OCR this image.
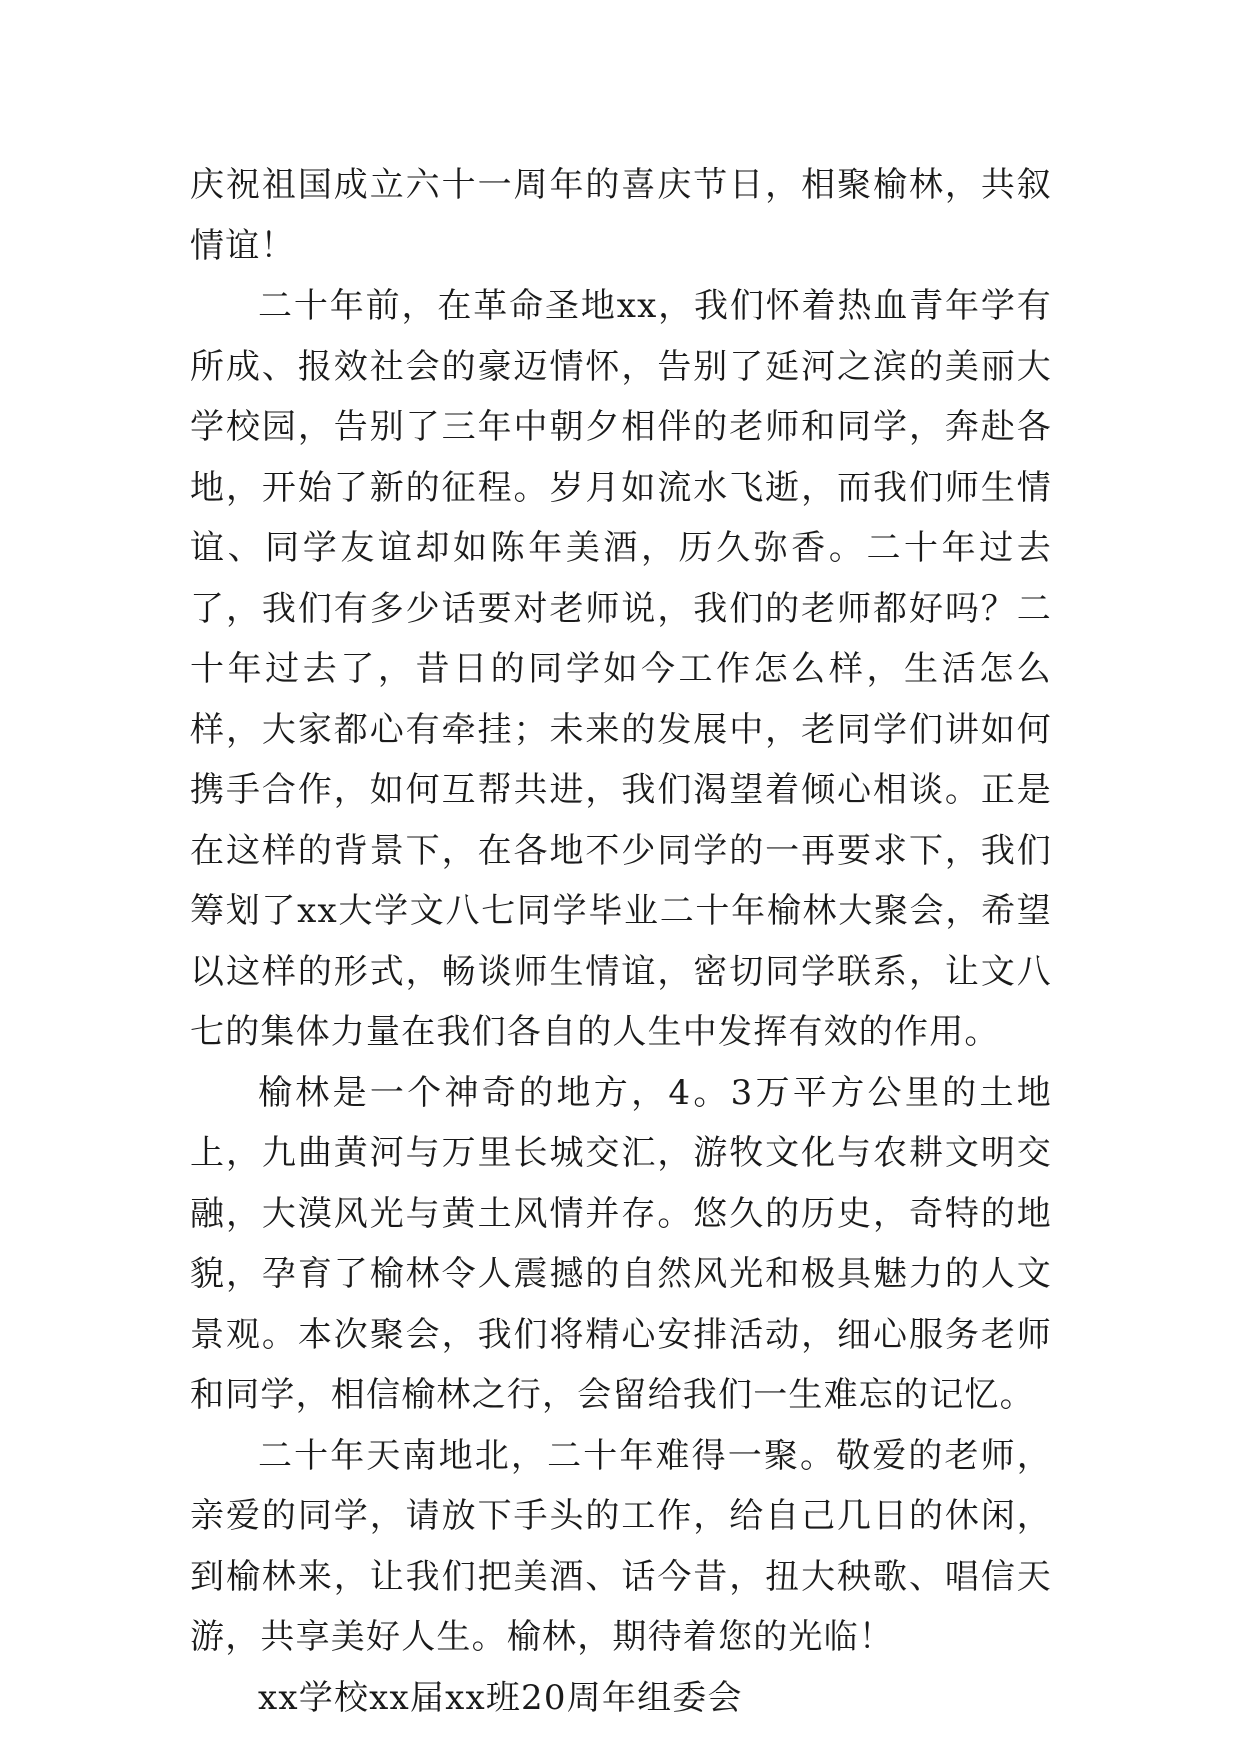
庆祝祖国成立六十一周年的喜庆节日，相聚榆林，共叙情谊！

二十年前，在革命圣地xx，我们怀着热血青年学有所成、报效社会的豪迈情怀，告别了延河之滨的美丽大学校园，告别了三年中朝夕相伴的老师和同学，奔赴各地，开始了新的征程。岁月如流水飞逝，而我们师生情谊、同学友谊却如陈年美酒，历久弥香。二十年过去了，我们有多少话要对老师说，我们的老师都好吗？二十年过去了，昔日的同学如今工作怎么样，生活怎么样，大家都心有牵挂；未来的发展中，老同学们讲如何携手合作，如何互帮共进，我们渴望着倾心相谈。正是在这样的背景下，在各地不少同学的一再要求下，我们筹划了xx大学文八七同学毕业二十年榆林大聚会，希望以这样的形式，畅谈师生情谊，密切同学联系，让文八七的集体力量在我们各自的人生中发挥有效的作用。

榆林是一个神奇的地方，4。3万平方公里的土地上，九曲黄河与万里长城交汇，游牧文化与农耕文明交融，大漠风光与黄土风情并存。悠久的历史，奇特的地貌，孕育了榆林令人震撼的自然风光和极具魅力的人文景观。本次聚会，我们将精心安排活动，细心服务老师和同学，相信榆林之行，会留给我们一生难忘的记忆。

二十年天南地北，二十年难得一聚。敬爱的老师，亲爱的同学，请放下手头的工作，给自己几日的休闲，到榆林来，让我们把美酒、话今昔，扭大秧歌、唱信天游，共享美好人生。榆林，期待着您的光临！

xx学校xx届xx班20周年组委会
